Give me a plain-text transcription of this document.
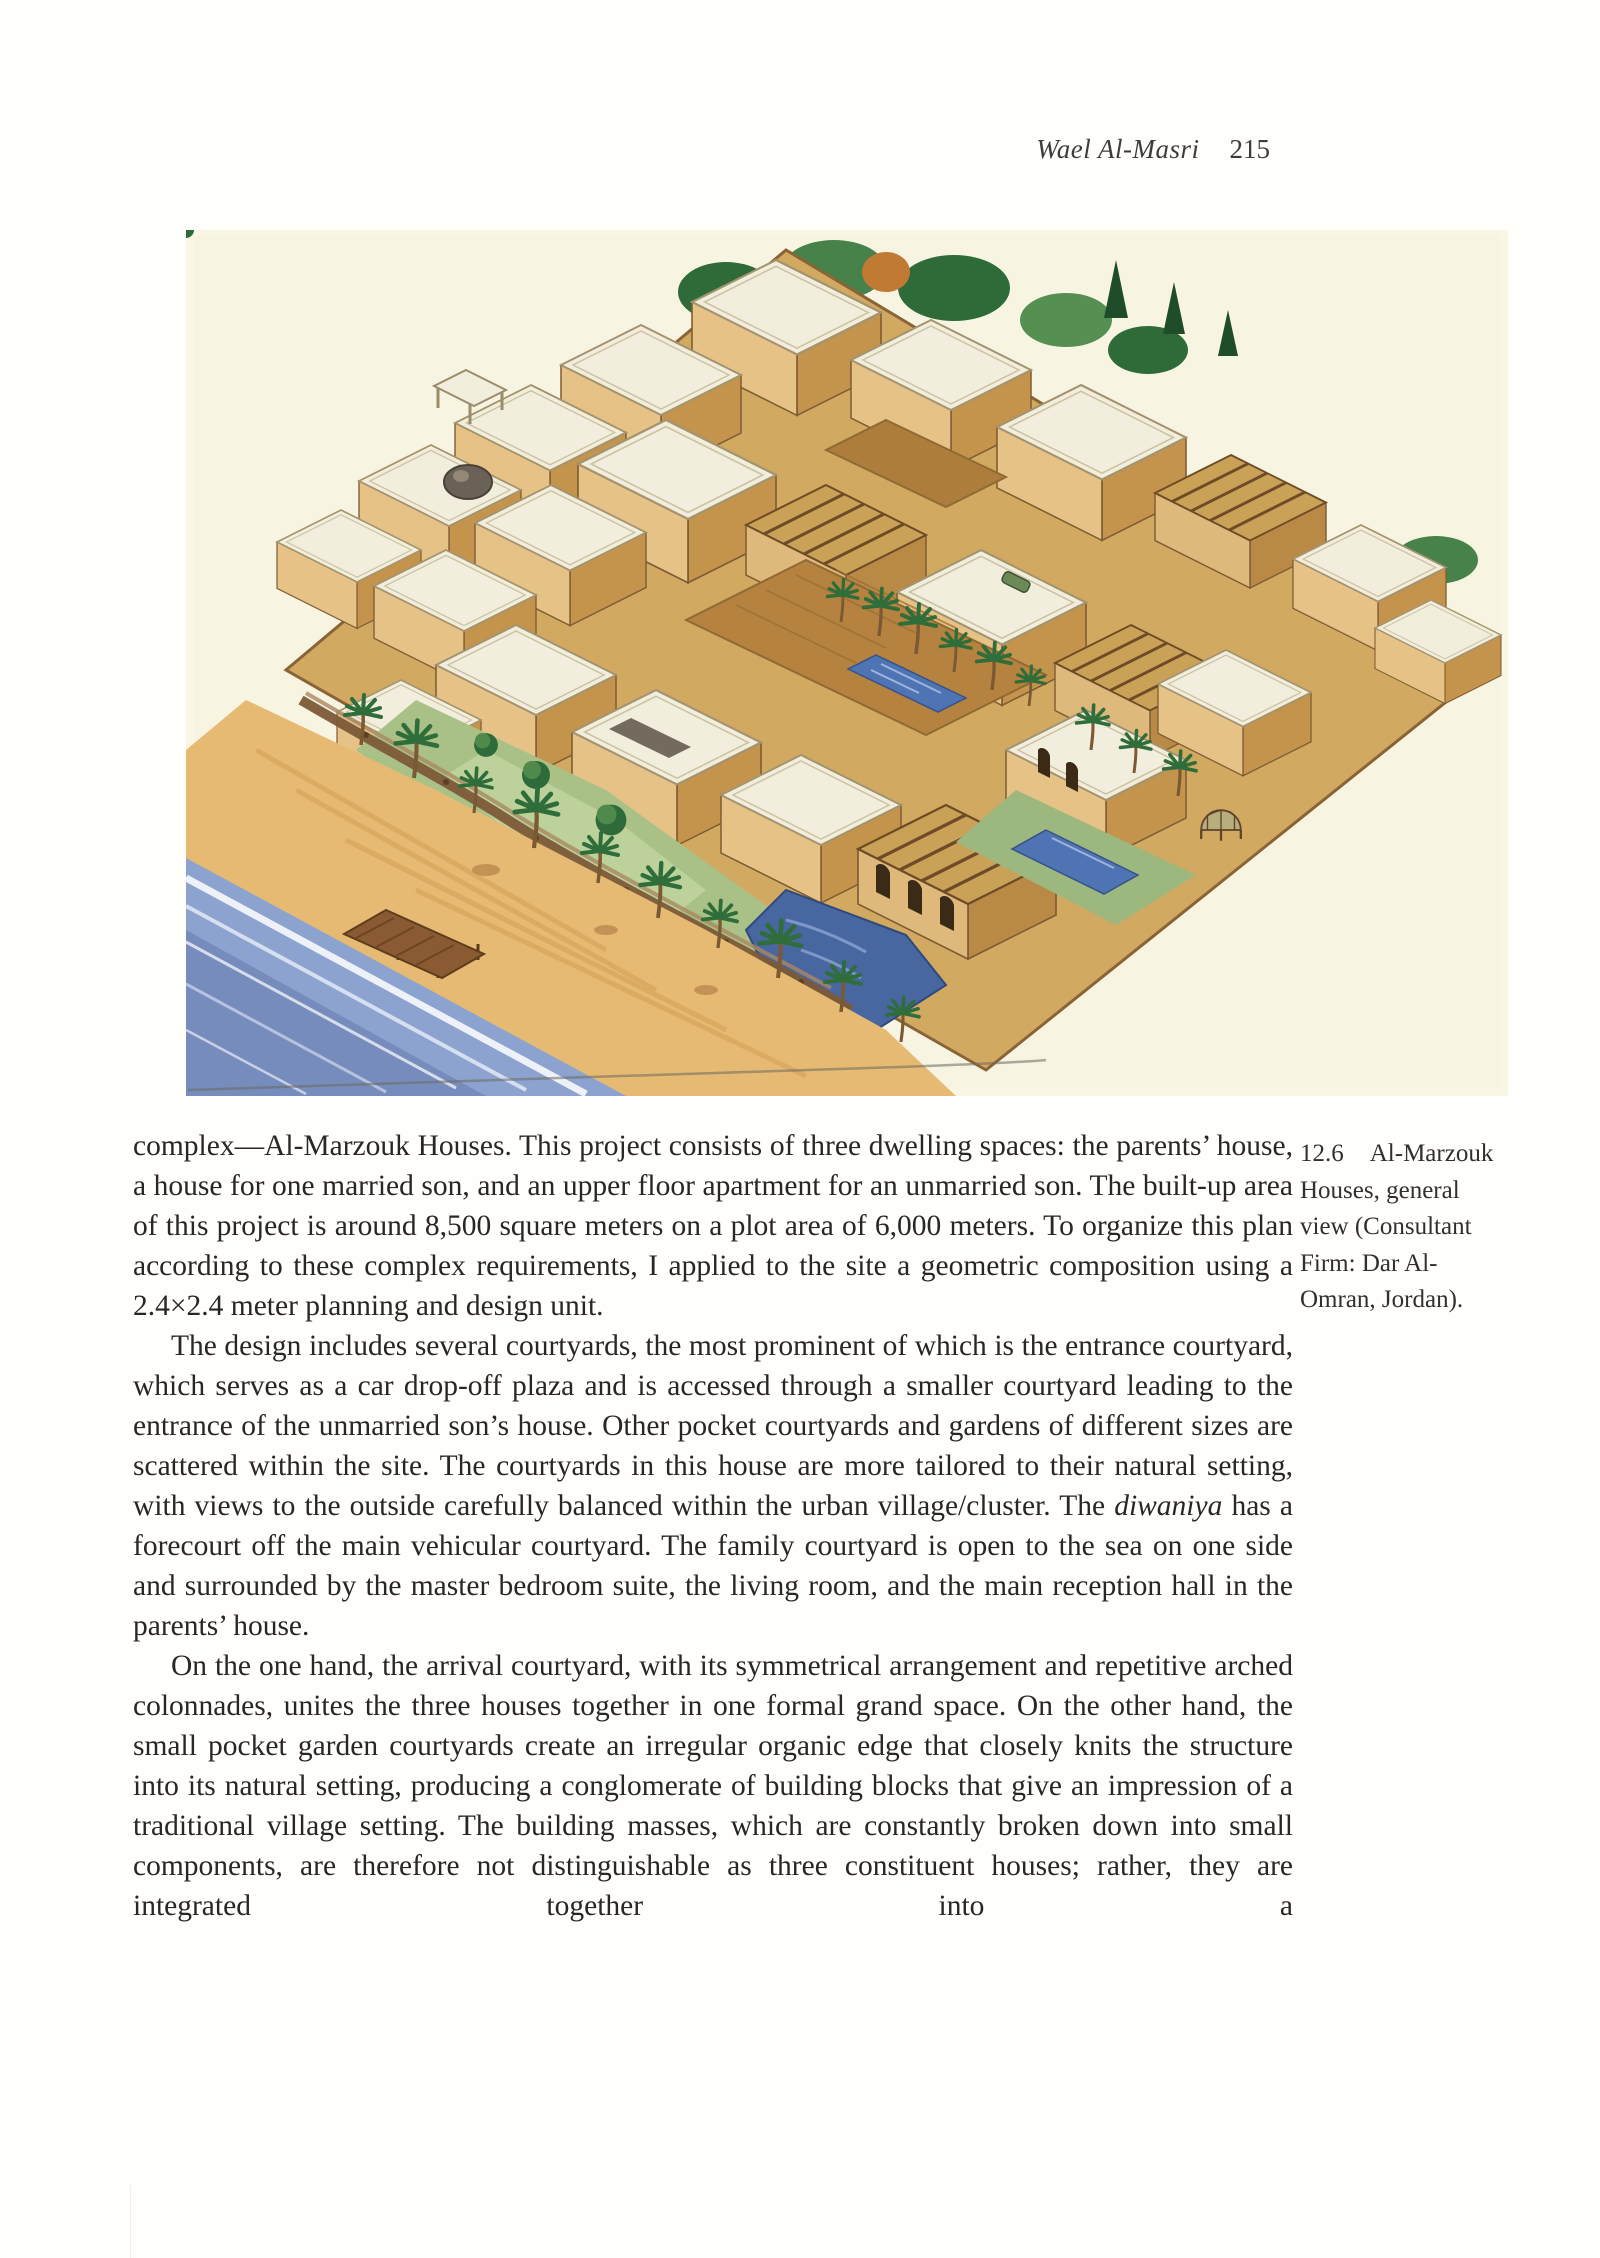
Wael Al-Masri 215

complex—Al-Marzouk Houses. This project consists of three dwelling spaces: the parents’ house, a house for one married son, and an upper floor apartment for an unmarried son. The built-up area of this project is around 8,500 square meters on a plot area of 6,000 meters. To organize this plan according to these complex requirements, I applied to the site a geometric composition using a 2.4×2.4 meter planning and design unit.

The design includes several courtyards, the most prominent of which is the entrance courtyard, which serves as a car drop-off plaza and is accessed through a smaller courtyard leading to the entrance of the unmarried son’s house. Other pocket courtyards and gardens of different sizes are scattered within the site. The courtyards in this house are more tailored to their natural setting, with views to the outside carefully balanced within the urban village/cluster. The diwaniya has a forecourt off the main vehicular courtyard. The family courtyard is open to the sea on one side and surrounded by the master bedroom suite, the living room, and the main reception hall in the parents’ house.

On the one hand, the arrival courtyard, with its symmetrical arrangement and repetitive arched colonnades, unites the three houses together in one formal grand space. On the other hand, the small pocket garden courtyards create an irregular organic edge that closely knits the structure into its natural setting, producing a conglomerate of building blocks that give an impression of a traditional village setting. The building masses, which are constantly broken down into small components, are therefore not distinguishable as three constituent houses; rather, they are integrated together into a

12.6 Al-Marzouk Houses, general view (Consultant Firm: Dar Al-Omran, Jordan).
